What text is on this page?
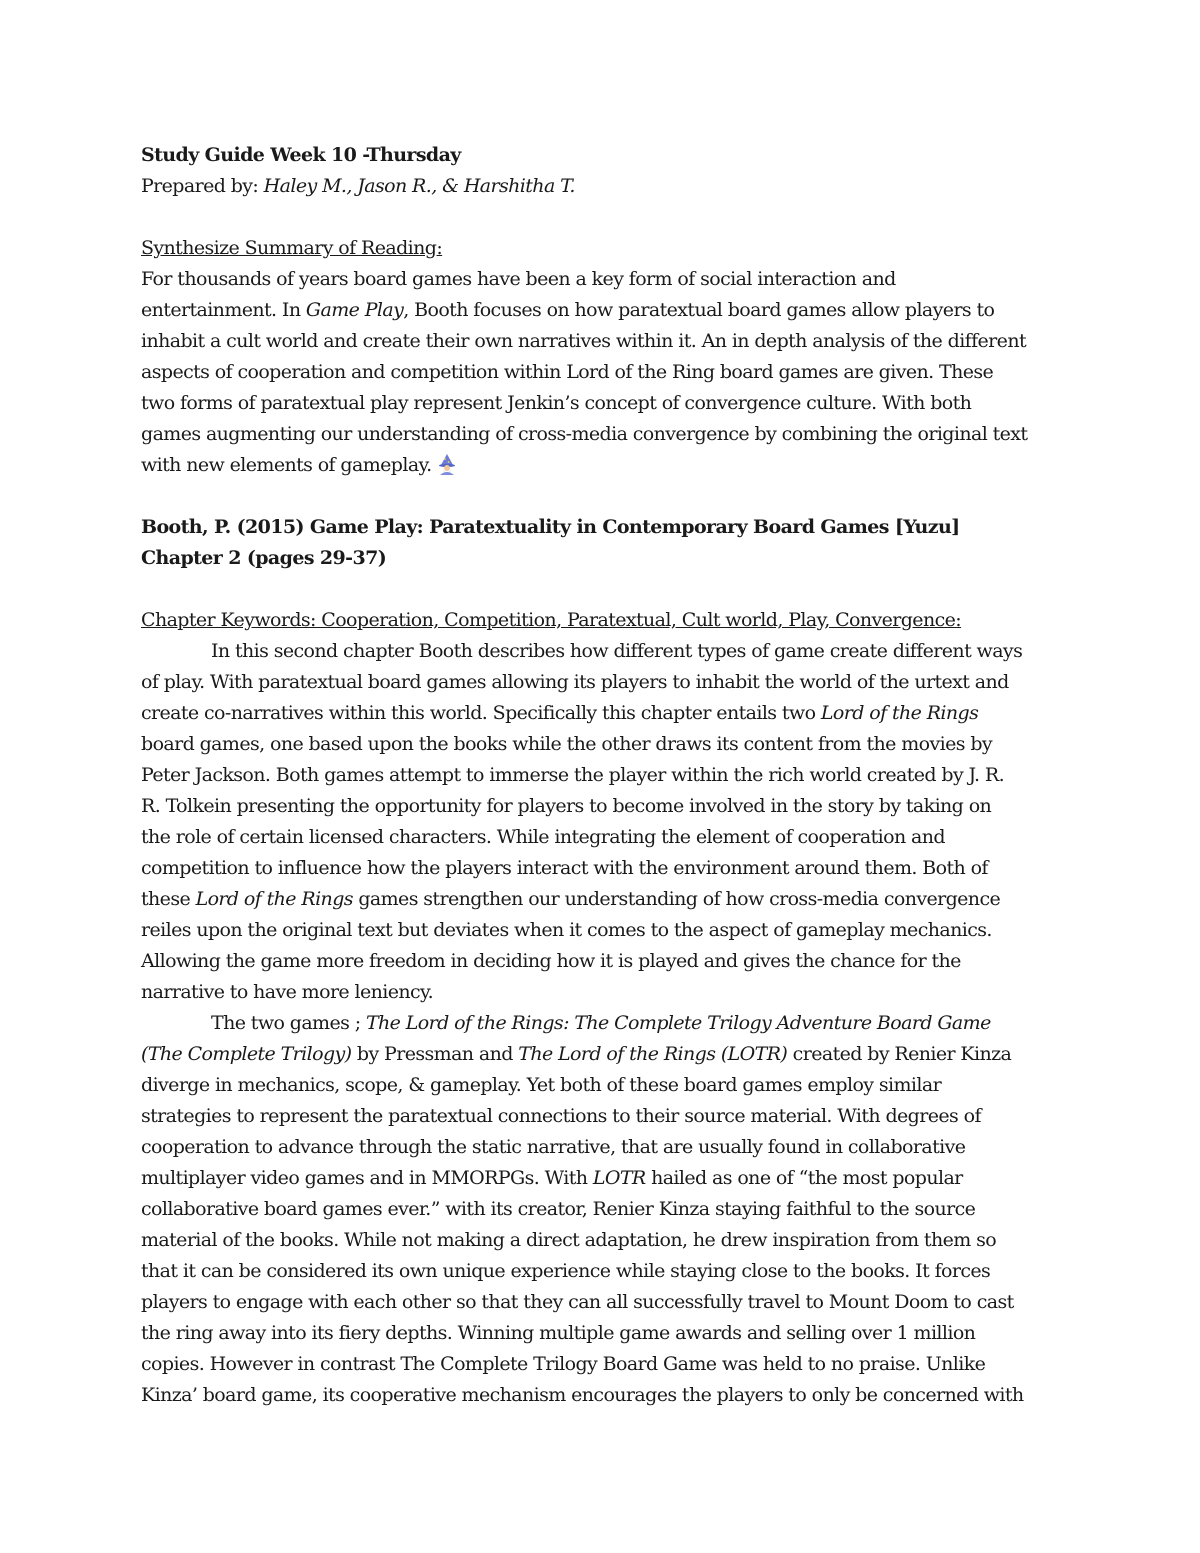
Study Guide Week 10 -Thursday
Prepared by: Haley M., Jason R., & Harshitha T.
Synthesize Summary of Reading:
For thousands of years board games have been a key form of social interaction and
entertainment. In Game Play, Booth focuses on how paratextual board games allow players to
inhabit a cult world and create their own narratives within it. An in depth analysis of the different
aspects of cooperation and competition within Lord of the Ring board games are given. These
two forms of paratextual play represent Jenkin’s concept of convergence culture. With both
games augmenting our understanding of cross-media convergence by combining the original text
with new elements of gameplay.
Booth, P. (2015) Game Play: Paratextuality in Contemporary Board Games [Yuzu]
Chapter 2 (pages 29-37)
Chapter Keywords: Cooperation, Competition, Paratextual, Cult world, Play, Convergence:
In this second chapter Booth describes how different types of game create different ways
of play. With paratextual board games allowing its players to inhabit the world of the urtext and
create co-narratives within this world. Specifically this chapter entails two Lord of the Rings
board games, one based upon the books while the other draws its content from the movies by
Peter Jackson. Both games attempt to immerse the player within the rich world created by J. R.
R. Tolkein presenting the opportunity for players to become involved in the story by taking on
the role of certain licensed characters. While integrating the element of cooperation and
competition to influence how the players interact with the environment around them. Both of
these Lord of the Rings games strengthen our understanding of how cross-media convergence
reiles upon the original text but deviates when it comes to the aspect of gameplay mechanics.
Allowing the game more freedom in deciding how it is played and gives the chance for the
narrative to have more leniency.
The two games ; The Lord of the Rings: The Complete Trilogy Adventure Board Game
(The Complete Trilogy) by Pressman and The Lord of the Rings (LOTR) created by Renier Kinza
diverge in mechanics, scope, & gameplay. Yet both of these board games employ similar
strategies to represent the paratextual connections to their source material. With degrees of
cooperation to advance through the static narrative, that are usually found in collaborative
multiplayer video games and in MMORPGs. With LOTR hailed as one of “the most popular
collaborative board games ever.” with its creator, Renier Kinza staying faithful to the source
material of the books. While not making a direct adaptation, he drew inspiration from them so
that it can be considered its own unique experience while staying close to the books. It forces
players to engage with each other so that they can all successfully travel to Mount Doom to cast
the ring away into its fiery depths. Winning multiple game awards and selling over 1 million
copies. However in contrast The Complete Trilogy Board Game was held to no praise. Unlike
Kinza’ board game, its cooperative mechanism encourages the players to only be concerned with
